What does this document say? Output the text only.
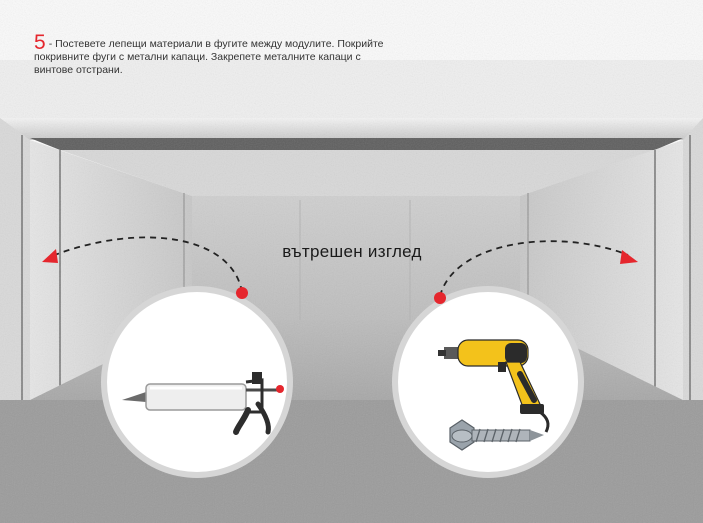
5 - Постевете лепещи материали в фугите между модулите. Покрийте покривните фуги с метални капаци. Закрепете металните капаци с винтове отстрани.
вътрешен изглед
